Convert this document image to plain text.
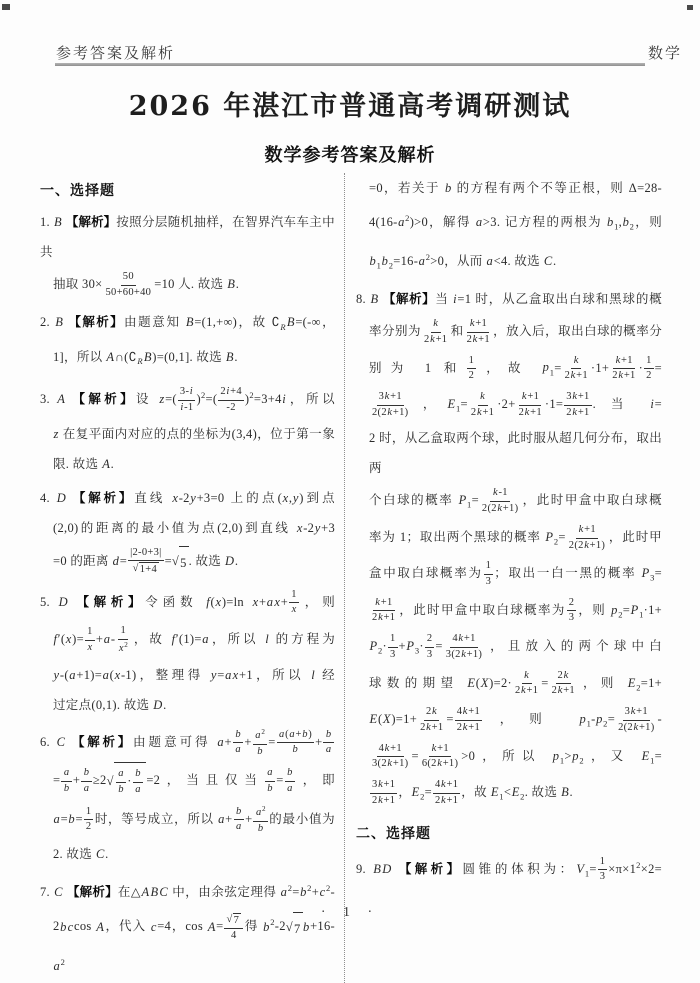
参考答案及解析	数学
2026 年湛江市普通高考调研测试
数学参考答案及解析
一、选择题
1. B 【解析】按照分层随机抽样，在智界汽车车主中共
抽取 $30\times \frac{50}{50+60+40} =10$ 人. 故选 B.
2. B 【解析】由题意知 B=(1,+∞)，故 $∁_RB=(-\infty$，
1]，所以 $A\cap(∁_RB)=(0,1]$. 故选 B.
3. A 【解析】设 $z=( \frac{3-i}{i-1} )^2=( \frac{2i+4}{-2} )^2=3+4i$，所以
z 在复平面内对应的点的坐标为(3,4)，位于第一象
限. 故选 A.
4. D 【解析】直线 x-2y+3=0 上的点(x,y)到点
(2,0)的距离的最小值为点(2,0)到直线 x-2y+3
=0 的距离 $d= \frac{|2-0+3|}{√ 1+4}$ = √ 5 . 故选 D.
5. D 【解析】令函数 f(x)=ln $x+ax+ \frac{1}{x}$ ，则
$f'(x)= \frac{1}{x} +a- \frac{1}{x^2}$ ，故 f′(1)=a，所以 l 的方程为
y-(a+1)=a(x-1)，整理得 y=ax+1，所以 l 经
过定点(0,1). 故选 D.
6. C 【解析】由题意可得 $a+ \frac{b}{a} + \frac{a^2}{b} = \frac{a(a+b)}{b} + \frac{b}{a}$
= $\frac{a}{b} + \frac{b}{a} \ge 2$ √ $\frac{a}{b} \cdot \frac{b}{a} =2$，当且仅当 $\frac{a}{b} = \frac{b}{a}$ ，即
$a=b= \frac{1}{2}$ 时，等号成立，所以 $a+ \frac{b}{a} + \frac{a^2}{b}$ 的最小值为
2. 故选 C.
7. C 【解析】在△ABC 中，由余弦定理得 $a^2=b^2+c^2-$
2bccos A，代入 c=4，$\cos A= \frac{√ 7}{4}$ 得 $b^2-2$ √ 7 $b+16-a^2$
=0，若关于 b 的方程有两个不等正根，则 Δ=28-
$4(16-a^2)>0$，解得 a>3. 记方程的两根为 $b_1,b_2$，则
$b_1b_2=16-a^2>0$，从而 a<4. 故选 C.
8. B 【解析】当 i=1 时，从乙盒取出白球和黑球的概
率分别为 $\frac{k}{2k+1}$ 和 $\frac{k+1}{2k+1}$ ，放入后，取出白球的概率分
别为 1 和 $\frac{1}{2}$ ，故 $p_1= \frac{k}{2k+1} \cdot 1+ \frac{k+1}{2k+1} \cdot \frac{1}{2}$ =
$\frac{3k+1}{2(2k+1)}$ ，$E_1= \frac{k}{2k+1} \cdot 2+ \frac{k+1}{2k+1} \cdot 1= \frac{3k+1}{2k+1}$ . 当 i=
2 时，从乙盒取两个球，此时服从超几何分布，取出两
个白球的概率 $P_1= \frac{k-1}{2(2k+1)}$ ，此时甲盒中取白球概
率为 1；取出两个黑球的概率 $P_2= \frac{k+1}{2(2k+1)}$ ，此时甲
盒中取白球概率为 $\frac{1}{3}$ ；取出一白一黑的概率 $P_3=$
$\frac{k+1}{2k+1}$ ，此时甲盒中取白球概率为 $\frac{2}{3}$ ，则 $p_2=P_1\cdot 1+$
$P_2\cdot \frac{1}{3} +P_3\cdot \frac{2}{3} = \frac{4k+1}{3(2k+1)}$ ，且放入的两个球中白
球数的期望 $E(X)=2\cdot \frac{k}{2k+1} = \frac{2k}{2k+1}$ ，则 $E_2=1+$
$E(X)=1+ \frac{2k}{2k+1} = \frac{4k+1}{2k+1}$ ，则 $p_1-p_2= \frac{3k+1}{2(2k+1)}$ -
$\frac{4k+1}{3(2k+1)} = \frac{k+1}{6(2k+1)} >0$，所以 $p_1>p_2$，又 $E_1=$
$\frac{3k+1}{2k+1}$ ，$E_2= \frac{4k+1}{2k+1}$ ，故 $E_1<E_2$. 故选 B.
二、选择题
9. BD 【解析】圆锥的体积为：$V_1= \frac{1}{3} \times\pi\times 1^2\times 2=$
· 1 ·
